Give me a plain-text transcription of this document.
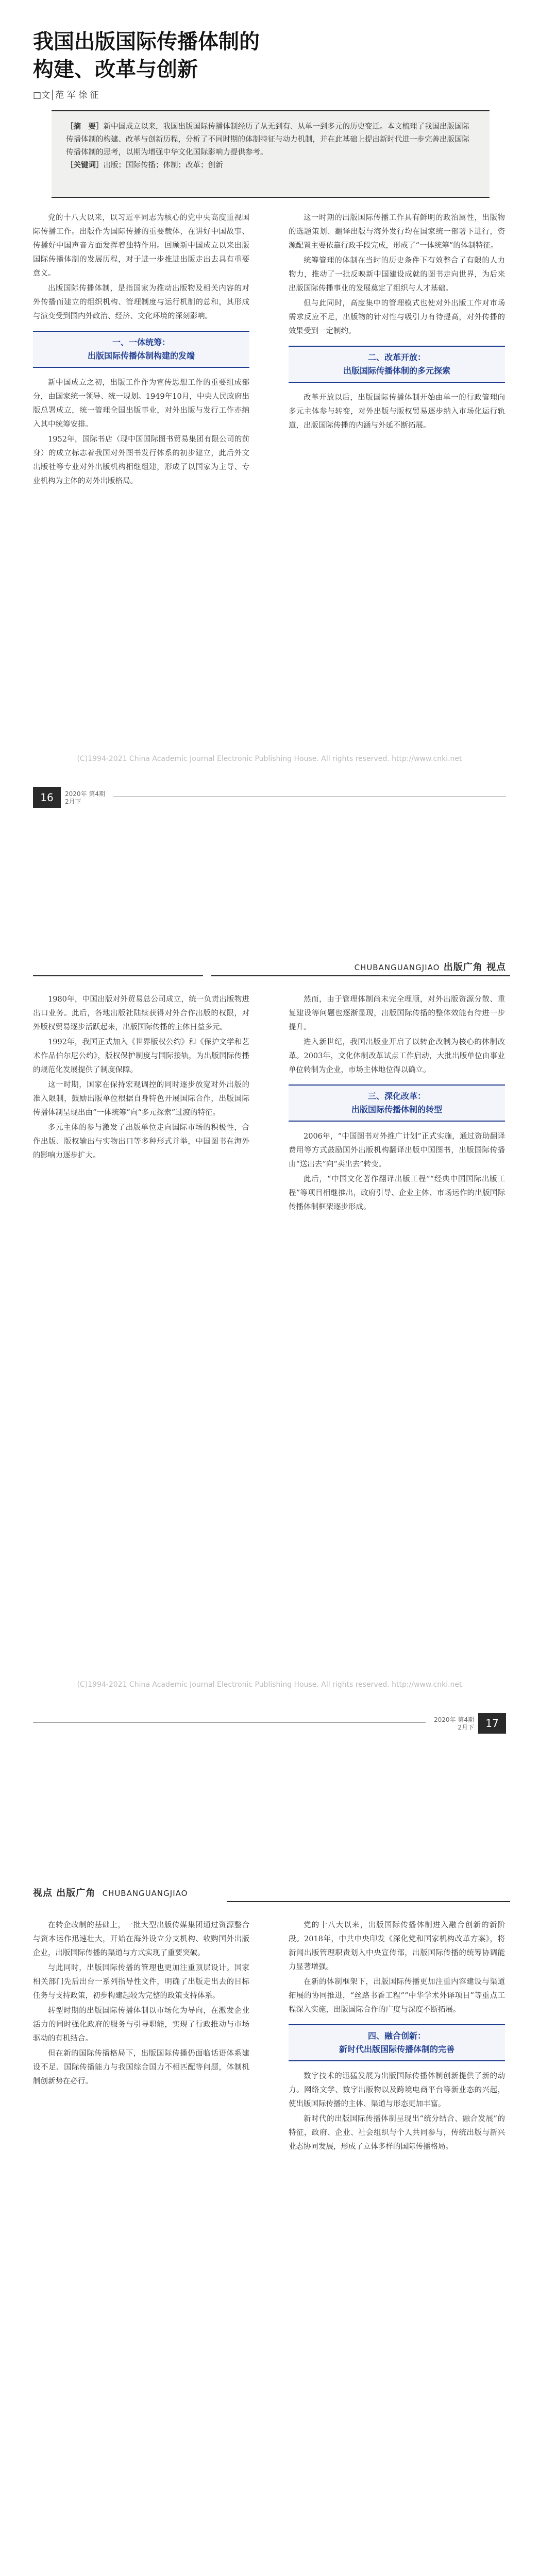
我国出版国际传播体制的
构建、改革与创新
□文│范 军 徐 征
［摘　要］新中国成立以来，我国出版国际传播体制经历了从无到有、从单一到多元的历史变迁。本文梳理了我国出版国际传播体制的构建、改革与创新历程，分析了不同时期的体制特征与动力机制，并在此基础上提出新时代进一步完善出版国际传播体制的思考，以期为增强中华文化国际影响力提供参考。
［关键词］出版；国际传播；体制；改革；创新

党的十八大以来，以习近平同志为核心的党中央高度重视国际传播工作。出版作为国际传播的重要载体，在讲好中国故事、传播好中国声音方面发挥着独特作用。回顾新中国成立以来出版国际传播体制的发展历程，对于进一步推进出版走出去具有重要意义。

出版国际传播体制，是指国家为推动出版物及相关内容的对外传播而建立的组织机构、管理制度与运行机制的总和，其形成与演变受到国内外政治、经济、文化环境的深刻影响。

一、一体统筹：
出版国际传播体制构建的发端

新中国成立之初，出版工作作为宣传思想工作的重要组成部分，由国家统一领导、统一规划。1949年10月，中央人民政府出版总署成立，统一管理全国出版事业，对外出版与发行工作亦纳入其中统筹安排。

1952年，国际书店（现中国国际图书贸易集团有限公司的前身）的成立标志着我国对外图书发行体系的初步建立，此后外文出版社等专业对外出版机构相继组建，形成了以国家为主导、专业机构为主体的对外出版格局。

这一时期的出版国际传播工作具有鲜明的政治属性，出版物的选题策划、翻译出版与海外发行均在国家统一部署下进行，资源配置主要依靠行政手段完成，形成了“一体统筹”的体制特征。

统筹管理的体制在当时的历史条件下有效整合了有限的人力物力，推动了一批反映新中国建设成就的图书走向世界，为后来出版国际传播事业的发展奠定了组织与人才基础。

但与此同时，高度集中的管理模式也使对外出版工作对市场需求反应不足，出版物的针对性与吸引力有待提高，对外传播的效果受到一定制约。

二、改革开放：
出版国际传播体制的多元探索

改革开放以后，出版国际传播体制开始由单一的行政管理向多元主体参与转变，对外出版与版权贸易逐步纳入市场化运行轨道，出版国际传播的内涵与外延不断拓展。

(C)1994-2021 China Academic Journal Electronic Publishing House. All rights reserved. http://www.cnki.net
16	2020年 第4期
2月下
CHUBANGUANGJIAO 出版广角 视点

1980年，中国出版对外贸易总公司成立，统一负责出版物进出口业务。此后，各地出版社陆续获得对外合作出版的权限，对外版权贸易逐步活跃起来，出版国际传播的主体日益多元。

1992年，我国正式加入《世界版权公约》和《保护文学和艺术作品伯尔尼公约》，版权保护制度与国际接轨，为出版国际传播的规范化发展提供了制度保障。

这一时期，国家在保持宏观调控的同时逐步放宽对外出版的准入限制，鼓励出版单位根据自身特色开展国际合作，出版国际传播体制呈现出由“一体统筹”向“多元探索”过渡的特征。

多元主体的参与激发了出版单位走向国际市场的积极性，合作出版、版权输出与实物出口等多种形式并举，中国图书在海外的影响力逐步扩大。

然而，由于管理体制尚未完全理顺，对外出版资源分散、重复建设等问题也逐渐显现，出版国际传播的整体效能有待进一步提升。

进入新世纪，我国出版业开启了以转企改制为核心的体制改革。2003年，文化体制改革试点工作启动，大批出版单位由事业单位转制为企业，市场主体地位得以确立。

三、深化改革：
出版国际传播体制的转型

2006年，“中国图书对外推广计划”正式实施，通过资助翻译费用等方式鼓励国外出版机构翻译出版中国图书，出版国际传播由“送出去”向“卖出去”转变。

此后，“中国文化著作翻译出版工程”“经典中国国际出版工程”等项目相继推出，政府引导、企业主体、市场运作的出版国际传播体制框架逐步形成。

(C)1994-2021 China Academic Journal Electronic Publishing House. All rights reserved. http://www.cnki.net
2020年 第4期
2月下	17
视点 出版广角 CHUBANGUANGJIAO

在转企改制的基础上，一批大型出版传媒集团通过资源整合与资本运作迅速壮大，开始在海外设立分支机构、收购国外出版企业，出版国际传播的渠道与方式实现了重要突破。

与此同时，出版国际传播的管理也更加注重顶层设计。国家相关部门先后出台一系列指导性文件，明确了出版走出去的目标任务与支持政策，初步构建起较为完整的政策支持体系。

转型时期的出版国际传播体制以市场化为导向，在激发企业活力的同时强化政府的服务与引导职能，实现了行政推动与市场驱动的有机结合。

但在新的国际传播格局下，出版国际传播仍面临话语体系建设不足、国际传播能力与我国综合国力不相匹配等问题，体制机制创新势在必行。

党的十八大以来，出版国际传播体制进入融合创新的新阶段。2018年，中共中央印发《深化党和国家机构改革方案》，将新闻出版管理职责划入中央宣传部，出版国际传播的统筹协调能力显著增强。

在新的体制框架下，出版国际传播更加注重内容建设与渠道拓展的协同推进，“丝路书香工程”“中华学术外译项目”等重点工程深入实施，出版国际合作的广度与深度不断拓展。

四、融合创新：
新时代出版国际传播体制的完善

数字技术的迅猛发展为出版国际传播体制创新提供了新的动力。网络文学、数字出版物以及跨境电商平台等新业态的兴起，使出版国际传播的主体、渠道与形态更加丰富。

新时代的出版国际传播体制呈现出“统分结合、融合发展”的特征，政府、企业、社会组织与个人共同参与，传统出版与新兴业态协同发展，形成了立体多样的国际传播格局。
